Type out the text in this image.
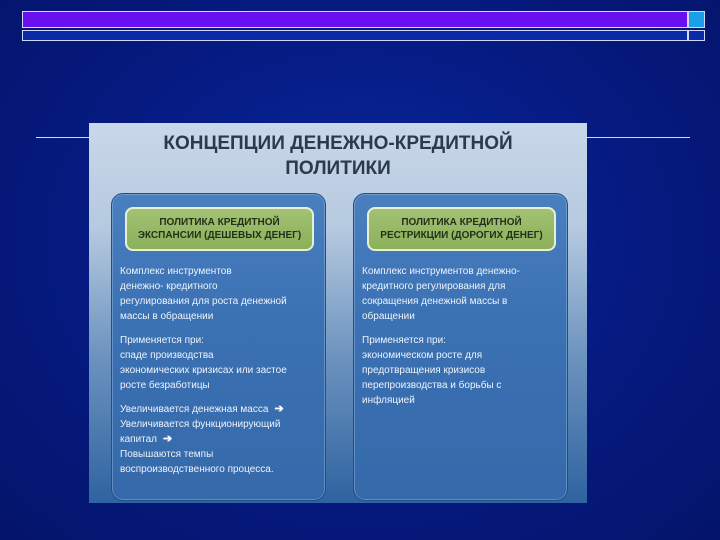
КОНЦЕПЦИИ ДЕНЕЖНО-КРЕДИТНОЙ
ПОЛИТИКИ
ПОЛИТИКА КРЕДИТНОЙ
ЭКСПАНСИИ (ДЕШЕВЫХ ДЕНЕГ)
Комплекс инструментов
денежно- кредитного
регулирования для роста денежной
массы в обращении
Применяется при:
спаде производства
экономических кризисах или застое
росте безработицы
Увеличивается денежная масса ➔
Увеличивается функционирующий
капитал ➔
Повышаются темпы
воспроизводственного процесса.
ПОЛИТИКА КРЕДИТНОЙ
РЕСТРИКЦИИ (ДОРОГИХ ДЕНЕГ)
Комплекс инструментов денежно-
кредитного регулирования для
сокращения денежной массы в
обращении
Применяется при:
экономическом росте для
предотвращения кризисов
перепроизводства и борьбы с
инфляцией
